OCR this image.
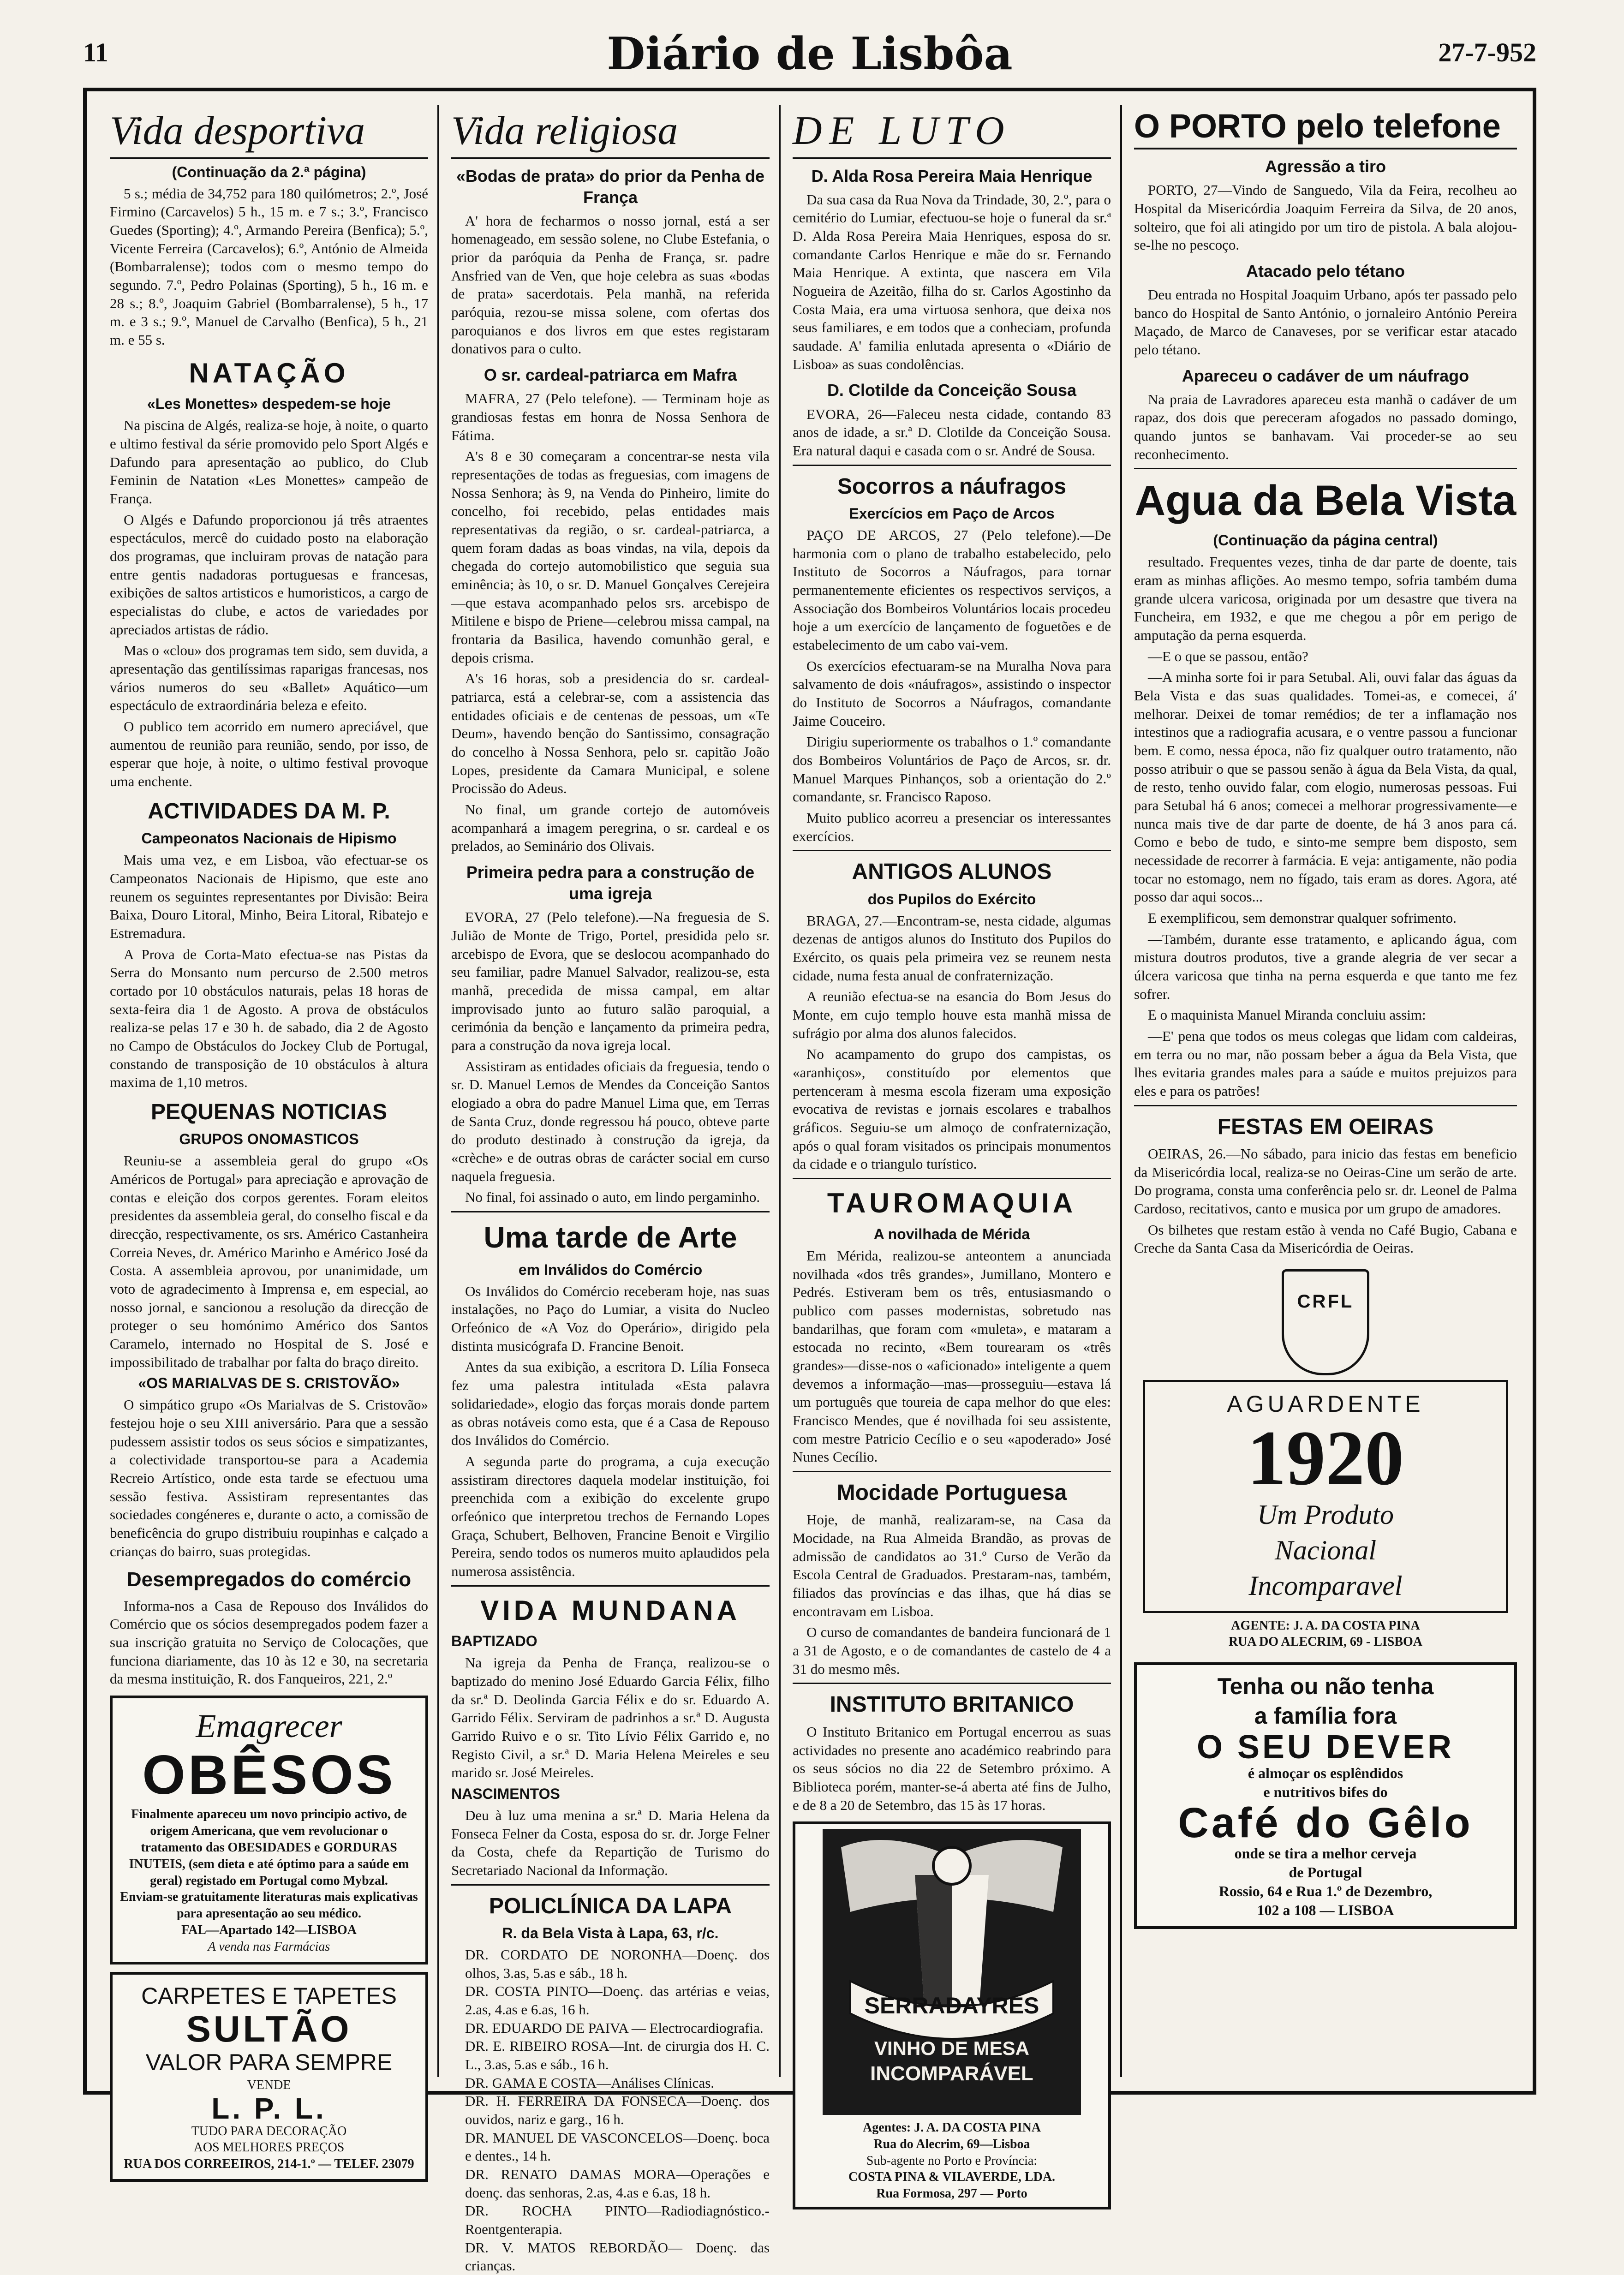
11	Diário de Lisbôa	27-7-952
Vida desportiva
(Continuação da 2.ª página)

5 s.; média de 34,752 para 180 quilómetros; 2.º, José Firmino (Carcavelos) 5 h., 15 m. e 7 s.; 3.º, Francisco Guedes (Sporting); 4.º, Armando Pereira (Benfica); 5.º, Vicente Ferreira (Carcavelos); 6.º, António de Almeida (Bombarralense); todos com o mesmo tempo do segundo. 7.º, Pedro Polainas (Sporting), 5 h., 16 m. e 28 s.; 8.º, Joaquim Gabriel (Bombarralense), 5 h., 17 m. e 3 s.; 9.º, Manuel de Carvalho (Benfica), 5 h., 21 m. e 55 s.

NATAÇÃO
«Les Monettes» despedem-se hoje

Na piscina de Algés, realiza-se hoje, à noite, o quarto e ultimo festival da série promovido pelo Sport Algés e Dafundo para apresentação ao publico, do Club Feminin de Natation «Les Monettes» campeão de França.

O Algés e Dafundo proporcionou já três atraentes espectáculos, mercê do cuidado posto na elaboração dos programas, que incluiram provas de natação para entre gentis nadadoras portuguesas e francesas, exibições de saltos artisticos e humoristicos, a cargo de especialistas do clube, e actos de variedades por apreciados artistas de rádio.

Mas o «clou» dos programas tem sido, sem duvida, a apresentação das gentilíssimas raparigas francesas, nos vários numeros do seu «Ballet» Aquático—um espectáculo de extraordinária beleza e efeito.

O publico tem acorrido em numero apreciável, que aumentou de reunião para reunião, sendo, por isso, de esperar que hoje, à noite, o ultimo festival provoque uma enchente.

ACTIVIDADES DA M. P.
Campeonatos Nacionais de Hipismo

Mais uma vez, e em Lisboa, vão efectuar-se os Campeonatos Nacionais de Hipismo, que este ano reunem os seguintes representantes por Divisão: Beira Baixa, Douro Litoral, Minho, Beira Litoral, Ribatejo e Estremadura.

A Prova de Corta-Mato efectua-se nas Pistas da Serra do Monsanto num percurso de 2.500 metros cortado por 10 obstáculos naturais, pelas 18 horas de sexta-feira dia 1 de Agosto. A prova de obstáculos realiza-se pelas 17 e 30 h. de sabado, dia 2 de Agosto no Campo de Obstáculos do Jockey Club de Portugal, constando de transposição de 10 obstáculos à altura maxima de 1,10 metros.

PEQUENAS NOTICIAS
GRUPOS ONOMASTICOS

Reuniu-se a assembleia geral do grupo «Os Américos de Portugal» para apreciação e aprovação de contas e eleição dos corpos gerentes. Foram eleitos presidentes da assembleia geral, do conselho fiscal e da direcção, respectivamente, os srs. Américo Castanheira Correia Neves, dr. Américo Marinho e Américo José da Costa. A assembleia aprovou, por unanimidade, um voto de agradecimento à Imprensa e, em especial, ao nosso jornal, e sancionou a resolução da direcção de proteger o seu homónimo Américo dos Santos Caramelo, internado no Hospital de S. José e impossibilitado de trabalhar por falta do braço direito.

«OS MARIALVAS DE S. CRISTOVÃO»

O simpático grupo «Os Marialvas de S. Cristovão» festejou hoje o seu XIII aniversário. Para que a sessão pudessem assistir todos os seus sócios e simpatizantes, a colectividade transportou-se para a Academia Recreio Artístico, onde esta tarde se efectuou uma sessão festiva. Assistiram representantes das sociedades congéneres e, durante o acto, a comissão de beneficência do grupo distribuiu roupinhas e calçado a crianças do bairro, suas protegidas.

Desempregados do comércio

Informa-nos a Casa de Repouso dos Inválidos do Comércio que os sócios desempregados podem fazer a sua inscrição gratuita no Serviço de Colocações, que funciona diariamente, das 10 às 12 e 30, na secretaria da mesma instituição, R. dos Fanqueiros, 221, 2.º

Emagrecer
OBÊSOS
Finalmente apareceu um novo principio activo, de origem Americana, que vem revolucionar o tratamento das OBESIDADES e GORDURAS INUTEIS, (sem dieta e até óptimo para a saúde em geral) registado em Portugal como Mybzal.
Enviam-se gratuitamente literaturas mais explicativas para apresentação ao seu médico.
FAL—Apartado 142—LISBOA
A venda nas Farmácias
CARPETES E TAPETES
SULTÃO
VALOR PARA SEMPRE
VENDE
L. P. L.
TUDO PARA DECORAÇÃO
AOS MELHORES PREÇOS
RUA DOS CORREEIROS, 214-1.º — TELEF. 23079
Vida religiosa
«Bodas de prata» do prior da Penha de França

A' hora de fecharmos o nosso jornal, está a ser homenageado, em sessão solene, no Clube Estefania, o prior da paróquia da Penha de França, sr. padre Ansfried van de Ven, que hoje celebra as suas «bodas de prata» sacerdotais. Pela manhã, na referida paróquia, rezou-se missa solene, com ofertas dos paroquianos e dos livros em que estes registaram donativos para o culto.

O sr. cardeal-patriarca em Mafra

MAFRA, 27 (Pelo telefone). — Terminam hoje as grandiosas festas em honra de Nossa Senhora de Fátima.

A's 8 e 30 começaram a concentrar-se nesta vila representações de todas as freguesias, com imagens de Nossa Senhora; às 9, na Venda do Pinheiro, limite do concelho, foi recebido, pelas entidades mais representativas da região, o sr. cardeal-patriarca, a quem foram dadas as boas vindas, na vila, depois da chegada do cortejo automobilistico que seguia sua eminência; às 10, o sr. D. Manuel Gonçalves Cerejeira—que estava acompanhado pelos srs. arcebispo de Mitilene e bispo de Priene—celebrou missa campal, na frontaria da Basilica, havendo comunhão geral, e depois crisma.

A's 16 horas, sob a presidencia do sr. cardeal-patriarca, está a celebrar-se, com a assistencia das entidades oficiais e de centenas de pessoas, um «Te Deum», havendo benção do Santissimo, consagração do concelho à Nossa Senhora, pelo sr. capitão João Lopes, presidente da Camara Municipal, e solene Procissão do Adeus.

No final, um grande cortejo de automóveis acompanhará a imagem peregrina, o sr. cardeal e os prelados, ao Seminário dos Olivais.

Primeira pedra para a construção de uma igreja

EVORA, 27 (Pelo telefone).—Na freguesia de S. Julião de Monte de Trigo, Portel, presidida pelo sr. arcebispo de Evora, que se deslocou acompanhado do seu familiar, padre Manuel Salvador, realizou-se, esta manhã, precedida de missa campal, em altar improvisado junto ao futuro salão paroquial, a cerimónia da benção e lançamento da primeira pedra, para a construção da nova igreja local.

Assistiram as entidades oficiais da freguesia, tendo o sr. D. Manuel Lemos de Mendes da Conceição Santos elogiado a obra do padre Manuel Lima que, em Terras de Santa Cruz, donde regressou há pouco, obteve parte do produto destinado à construção da igreja, da «crèche» e de outras obras de carácter social em curso naquela freguesia.

No final, foi assinado o auto, em lindo pergaminho.

Uma tarde de Arte
em Inválidos do Comércio

Os Inválidos do Comércio receberam hoje, nas suas instalações, no Paço do Lumiar, a visita do Nucleo Orfeónico de «A Voz do Operário», dirigido pela distinta musicógrafa D. Francine Benoit.

Antes da sua exibição, a escritora D. Lília Fonseca fez uma palestra intitulada «Esta palavra solidariedade», elogio das forças morais donde partem as obras notáveis como esta, que é a Casa de Repouso dos Inválidos do Comércio.

A segunda parte do programa, a cuja execução assistiram directores daquela modelar instituição, foi preenchida com a exibição do excelente grupo orfeónico que interpretou trechos de Fernando Lopes Graça, Schubert, Belhoven, Francine Benoit e Virgilio Pereira, sendo todos os numeros muito aplaudidos pela numerosa assistência.

VIDA MUNDANA
BAPTIZADO

Na igreja da Penha de França, realizou-se o baptizado do menino José Eduardo Garcia Félix, filho da sr.ª D. Deolinda Garcia Félix e do sr. Eduardo A. Garrido Félix. Serviram de padrinhos a sr.ª D. Augusta Garrido Ruivo e o sr. Tito Lívio Félix Garrido e, no Registo Civil, a sr.ª D. Maria Helena Meireles e seu marido sr. José Meireles.

NASCIMENTOS

Deu à luz uma menina a sr.ª D. Maria Helena da Fonseca Felner da Costa, esposa do sr. dr. Jorge Felner da Costa, chefe da Repartição de Turismo do Secretariado Nacional da Informação.

POLICLÍNICA DA LAPA
R. da Bela Vista à Lapa, 63, r/c.

DR. CORDATO DE NORONHA—Doenç. dos olhos, 3.as, 5.as e sáb., 18 h.

DR. COSTA PINTO—Doenç. das artérias e veias, 2.as, 4.as e 6.as, 16 h.

DR. EDUARDO DE PAIVA — Electrocardiografia.

DR. E. RIBEIRO ROSA—Int. de cirurgia dos H. C. L., 3.as, 5.as e sáb., 16 h.

DR. GAMA E COSTA—Análises Clínicas.

DR. H. FERREIRA DA FONSECA—Doenç. dos ouvidos, nariz e garg., 16 h.

DR. MANUEL DE VASCONCELOS—Doenç. boca e dentes., 14 h.

DR. RENATO DAMAS MORA—Operações e doenç. das senhoras, 2.as, 4.as e 6.as, 18 h.

DR. ROCHA PINTO—Radiodiagnóstico.- Roentgenterapia.

DR. V. MATOS REBORDÃO— Doenç. das crianças.

DE LUTO
D. Alda Rosa Pereira Maia Henrique

Da sua casa da Rua Nova da Trindade, 30, 2.º, para o cemitério do Lumiar, efectuou-se hoje o funeral da sr.ª D. Alda Rosa Pereira Maia Henriques, esposa do sr. comandante Carlos Henrique e mãe do sr. Fernando Maia Henrique. A extinta, que nascera em Vila Nogueira de Azeitão, filha do sr. Carlos Agostinho da Costa Maia, era uma virtuosa senhora, que deixa nos seus familiares, e em todos que a conheciam, profunda saudade. A' familia enlutada apresenta o «Diário de Lisboa» as suas condolências.

D. Clotilde da Conceição Sousa

EVORA, 26—Faleceu nesta cidade, contando 83 anos de idade, a sr.ª D. Clotilde da Conceição Sousa. Era natural daqui e casada com o sr. André de Sousa.

Socorros a náufragos
Exercícios em Paço de Arcos

PAÇO DE ARCOS, 27 (Pelo telefone).—De harmonia com o plano de trabalho estabelecido, pelo Instituto de Socorros a Náufragos, para tornar permanentemente eficientes os respectivos serviços, a Associação dos Bombeiros Voluntários locais procedeu hoje a um exercício de lançamento de foguetões e de estabelecimento de um cabo vai-vem.

Os exercícios efectuaram-se na Muralha Nova para salvamento de dois «náufragos», assistindo o inspector do Instituto de Socorros a Náufragos, comandante Jaime Couceiro.

Dirigiu superiormente os trabalhos o 1.º comandante dos Bombeiros Voluntários de Paço de Arcos, sr. dr. Manuel Marques Pinhanços, sob a orientação do 2.º comandante, sr. Francisco Raposo.

Muito publico acorreu a presenciar os interessantes exercícios.

ANTIGOS ALUNOS
dos Pupilos do Exército

BRAGA, 27.—Encontram-se, nesta cidade, algumas dezenas de antigos alunos do Instituto dos Pupilos do Exército, os quais pela primeira vez se reunem nesta cidade, numa festa anual de confraternização.

A reunião efectua-se na esancia do Bom Jesus do Monte, em cujo templo houve esta manhã missa de sufrágio por alma dos alunos falecidos.

No acampamento do grupo dos campistas, os «aranhiços», constituído por elementos que pertenceram à mesma escola fizeram uma exposição evocativa de revistas e jornais escolares e trabalhos gráficos. Seguiu-se um almoço de confraternização, após o qual foram visitados os principais monumentos da cidade e o triangulo turístico.

TAUROMAQUIA
A novilhada de Mérida

Em Mérida, realizou-se anteontem a anunciada novilhada «dos três grandes», Jumillano, Montero e Pedrés. Estiveram bem os três, entusiasmando o publico com passes modernistas, sobretudo nas bandarilhas, que foram com «muleta», e mataram a estocada no recinto, «Bem tourearam os «três grandes»—disse-nos o «aficionado» inteligente a quem devemos a informação—mas—prosseguiu—estava lá um português que toureia de capa melhor do que eles: Francisco Mendes, que é novilhada foi seu assistente, com mestre Patricio Cecílio e o seu «apoderado» José Nunes Cecílio.

Mocidade Portuguesa

Hoje, de manhã, realizaram-se, na Casa da Mocidade, na Rua Almeida Brandão, as provas de admissão de candidatos ao 31.º Curso de Verão da Escola Central de Graduados. Prestaram-nas, também, filiados das províncias e das ilhas, que há dias se encontravam em Lisboa.

O curso de comandantes de bandeira funcionará de 1 a 31 de Agosto, e o de comandantes de castelo de 4 a 31 do mesmo mês.

INSTITUTO BRITANICO

O Instituto Britanico em Portugal encerrou as suas actividades no presente ano académico reabrindo para os seus sócios no dia 22 de Setembro próximo. A Biblioteca porém, manter-se-á aberta até fins de Julho, e de 8 a 20 de Setembro, das 15 às 17 horas.

SERRADAYRES
VINHO DE MESA
INCOMPARÁVEL
Agentes: J. A. DA COSTA PINA
Rua do Alecrim, 69—Lisboa
Sub-agente no Porto e Província:
COSTA PINA & VILAVERDE, LDA.
Rua Formosa, 297 — Porto
O PORTO pelo telefone
Agressão a tiro

PORTO, 27—Vindo de Sanguedo, Vila da Feira, recolheu ao Hospital da Misericórdia Joaquim Ferreira da Silva, de 20 anos, solteiro, que foi ali atingido por um tiro de pistola. A bala alojou-se-lhe no pescoço.

Atacado pelo tétano

Deu entrada no Hospital Joaquim Urbano, após ter passado pelo banco do Hospital de Santo António, o jornaleiro António Pereira Maçado, de Marco de Canaveses, por se verificar estar atacado pelo tétano.

Apareceu o cadáver de um náufrago

Na praia de Lavradores apareceu esta manhã o cadáver de um rapaz, dos dois que pereceram afogados no passado domingo, quando juntos se banhavam. Vai proceder-se ao seu reconhecimento.

Agua da Bela Vista
(Continuação da página central)

resultado. Frequentes vezes, tinha de dar parte de doente, tais eram as minhas aflições. Ao mesmo tempo, sofria também duma grande ulcera varicosa, originada por um desastre que tivera na Funcheira, em 1932, e que me chegou a pôr em perigo de amputação da perna esquerda.

—E o que se passou, então?

—A minha sorte foi ir para Setubal. Ali, ouvi falar das águas da Bela Vista e das suas qualidades. Tomei-as, e comecei, á' melhorar. Deixei de tomar remédios; de ter a inflamação nos intestinos que a radiografia acusara, e o ventre passou a funcionar bem. E como, nessa época, não fiz qualquer outro tratamento, não posso atribuir o que se passou senão à água da Bela Vista, da qual, de resto, tenho ouvido falar, com elogio, numerosas pessoas. Fui para Setubal há 6 anos; comecei a melhorar progressivamente—e nunca mais tive de dar parte de doente, de há 3 anos para cá. Como e bebo de tudo, e sinto-me sempre bem disposto, sem necessidade de recorrer à farmácia. E veja: antigamente, não podia tocar no estomago, nem no fígado, tais eram as dores. Agora, até posso dar aqui socos...

E exemplificou, sem demonstrar qualquer sofrimento.

—Também, durante esse tratamento, e aplicando água, com mistura doutros produtos, tive a grande alegria de ver secar a úlcera varicosa que tinha na perna esquerda e que tanto me fez sofrer.

E o maquinista Manuel Miranda concluiu assim:

—E' pena que todos os meus colegas que lidam com caldeiras, em terra ou no mar, não possam beber a água da Bela Vista, que lhes evitaria grandes males para a saúde e muitos prejuizos para eles e para os patrões!

FESTAS EM OEIRAS

OEIRAS, 26.—No sábado, para inicio das festas em beneficio da Misericórdia local, realiza-se no Oeiras-Cine um serão de arte. Do programa, consta uma conferência pelo sr. dr. Leonel de Palma Cardoso, recitativos, canto e musica por um grupo de amadores.

Os bilhetes que restam estão à venda no Café Bugio, Cabana e Creche da Santa Casa da Misericórdia de Oeiras.

CRFL
AGUARDENTE
1920
Um Produto
Nacional
Incomparavel
AGENTE: J. A. DA COSTA PINA
RUA DO ALECRIM, 69 - LISBOA
Tenha ou não tenha
a família fora
O SEU DEVER
é almoçar os esplêndidos
e nutritivos bifes do
Café do Gêlo
onde se tira a melhor cerveja
de Portugal
Rossio, 64 e Rua 1.º de Dezembro,
102 a 108 — LISBOA
